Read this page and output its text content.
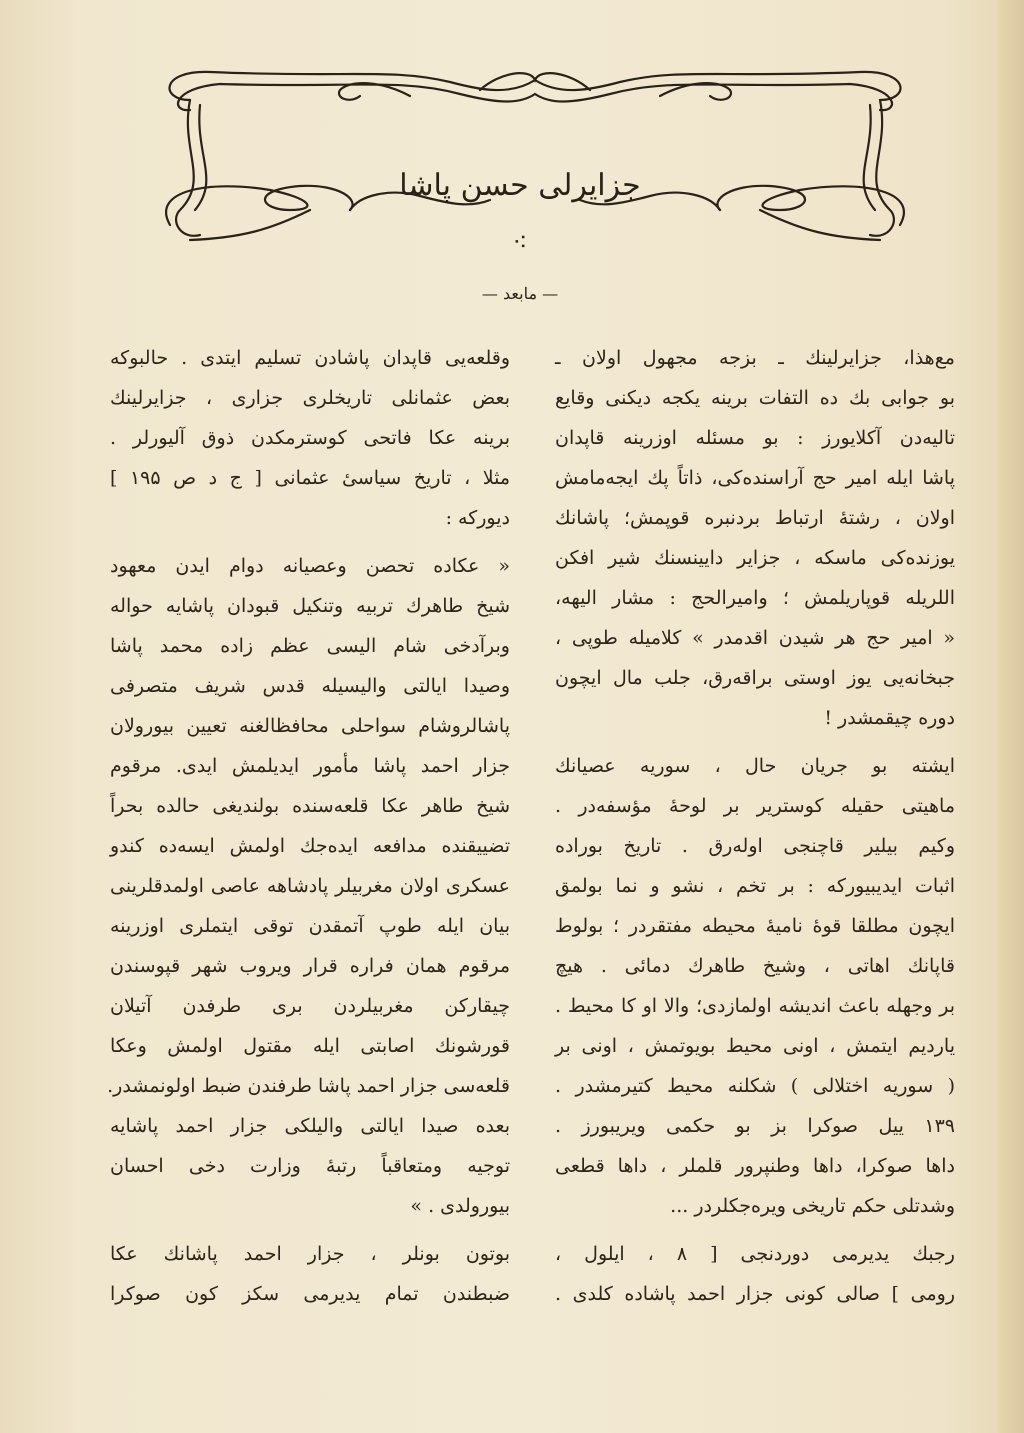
جزایرلی حسن پاشا
⁖
— مابعد —

مع‌هذا، جزایرلینك ـ بزجه مجهول اولان ـ
بو جوابی بك ده التفات برینه یکجه دیکنی وقایع
تالیه‌دن آکلایورز : بو مسئله اوزرینه قاپدان
پاشا ایله امیر حج آراسنده‌کی، ذاتاً پك ایجه‌مامش
اولان ، رشتهٔ ارتباط بردنبره قوپمش؛ پاشانك
یوزنده‌کی ماسکه ، جزایر دایینسنك شیر افکن
اللریله قوپاریلمش ؛ وامیرالحج : مشار الیهه،
« امیر حج هر شیدن اقدمدر » کلامیله طوپی ،
جبخانه‌یی یوز اوستی براقه‌رق، جلب مال ایچون
دوره چیقمشدر !

ایشته بو جریان حال ، سوریه عصیانك
ماهیتی حقیله کوستریر بر لوحهٔ مؤسفه‌در .
وکیم بیلیر قاچنجی اوله‌رق . تاریخ بوراده
اثبات ایدیبیورکه : بر تخم ، نشو و نما بولمق
ایچون مطلقا قوهٔ نامیهٔ محیطه مفتقردر ؛ بولوط
قاپانك اهاتی ، وشیخ طاهرك دمائی . هیچ
بر وجهله باعث اندیشه اولمازدی؛ والا او کا محیط .
یاردیم ایتمش ، اونی محیط بویوتمش ، اونی بر
( سوریه اختلالی ) شکلنه محیط کتیرمشدر .
۱۳۹ ییل صوکرا بز بو حکمی ویریبورز .
داها صوکرا، داها وطنپرور قلملر ، داها قطعی
وشدتلی حکم تاریخی ویره‌جکلردر ...

رجبك یدیرمی دوردنجی [ ۸ ، ایلول ،
رومی ] صالی کونی جزار احمد پاشاده کلدی .

وقلعه‌یی قاپدان پاشادن تسلیم ایتدی . حالبوکه
بعض عثمانلی تاریخلری جزاری ، جزایرلینك
برینه عکا فاتحی کوسترمکدن ذوق آلیورلر .
مثلا ، تاریخ سیاسیٔ عثمانی [ ج د ص ۱۹۵ ]
دیورکه :

« عکاده تحصن وعصیانه دوام ایدن معهود
شیخ طاهرك تربیه وتنکیل قبودان پاشایه حواله
وبرآدخی شام الیسی عظم زاده محمد پاشا
وصیدا ایالتی والیسیله قدس شریف متصرفی
پاشالروشام سواحلی محافظالغنه تعیین بیورولان
جزار احمد پاشا مأمور ایدیلمش ایدی. مرقوم
شیخ طاهر عکا قلعه‌سنده بولندیغی حالده بحراً
تضییقنده مدافعه ایده‌جك اولمش ایسه‌ده کندو
عسکری اولان مغربیلر پادشاهه عاصی اولمدقلرینی
بیان ایله طوپ آتمقدن توقی ایتملری اوزرینه
مرقوم همان فراره قرار ویروب شهر قپوسندن
چیقارکن مغربیلردن بری طرفدن آتیلان
قورشونك اصابتی ایله مقتول اولمش وعکا
قلعه‌سی جزار احمد پاشا طرفندن ضبط اولونمشدر.
بعده صیدا ایالتی والیلکی جزار احمد پاشایه
توجیه ومتعاقباً رتبهٔ وزارت دخی احسان
بیورولدی . »

بوتون بونلر ، جزار احمد پاشانك عکا
ضبطندن تمام یدیرمی سکز کون صوکرا
